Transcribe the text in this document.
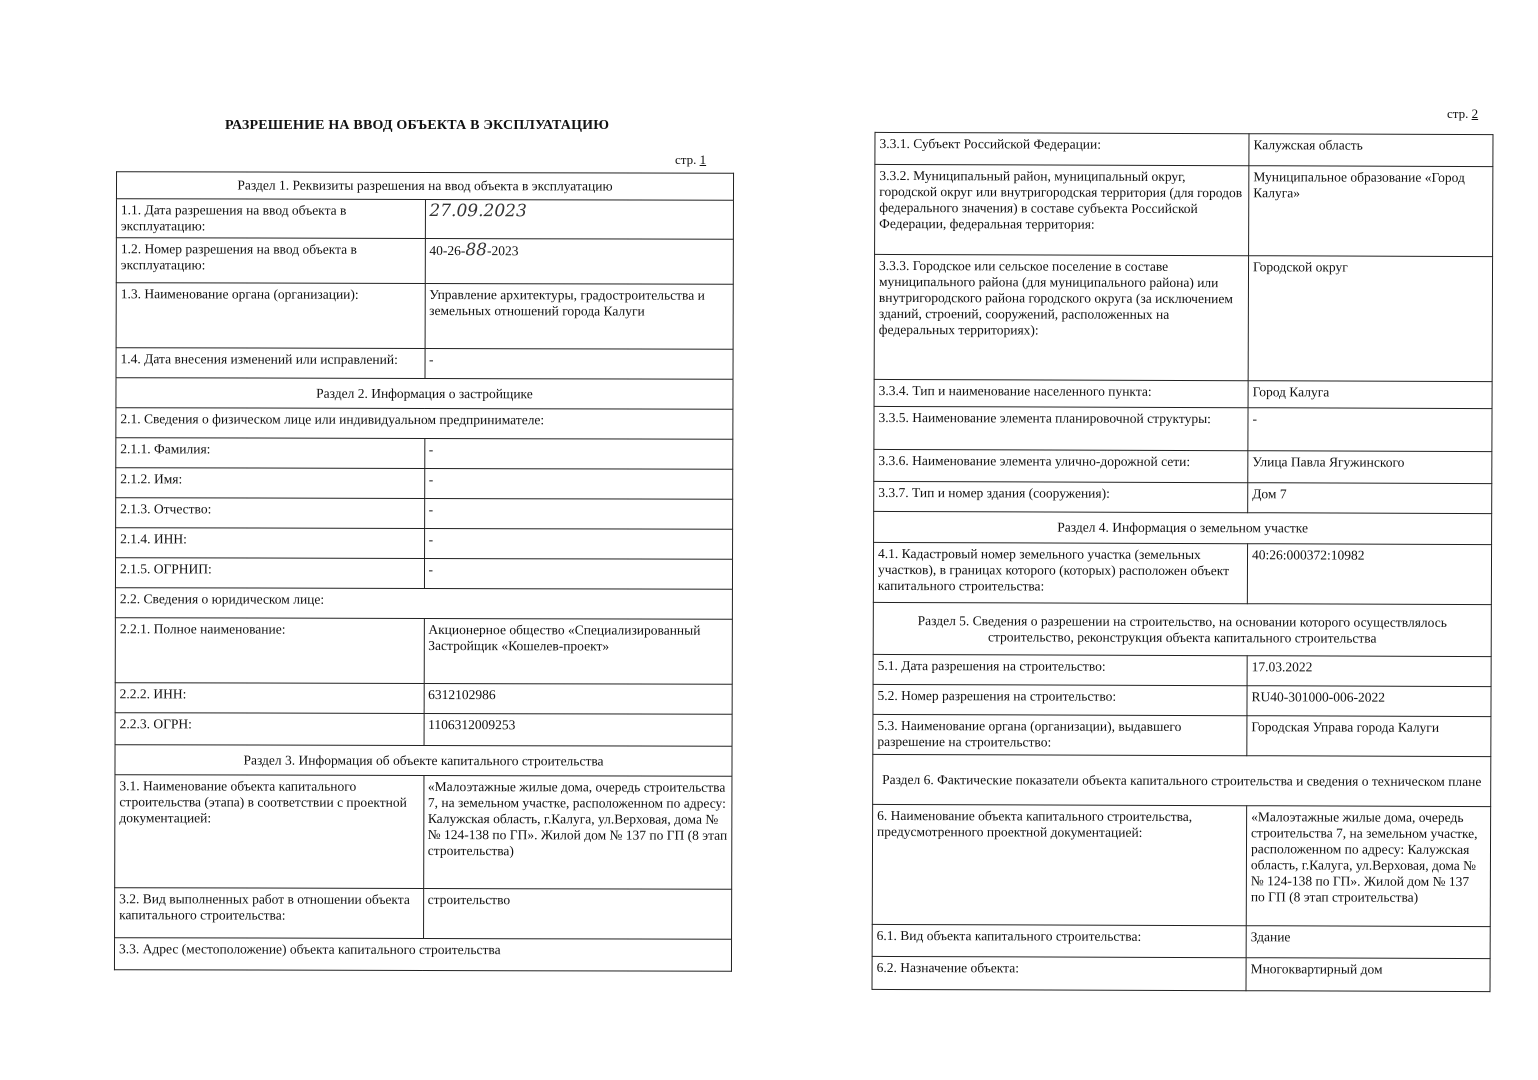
РАЗРЕШЕНИЕ НА ВВОД ОБЪЕКТА В ЭКСПЛУАТАЦИЮ
стр. 1
Раздел 1. Реквизиты разрешения на ввод объекта в эксплуатацию	
1.1. Дата разрешения на ввод объекта в эксплуатацию:	27.09.2023
1.2. Номер разрешения на ввод объекта в эксплуатацию:	40-26-88-2023
1.3. Наименование органа (организации):	Управление архитектуры, градостроительства и земельных отношений города Калуги
1.4. Дата внесения изменений или исправлений:	-
Раздел 2. Информация о застройщике	
2.1. Сведения о физическом лице или индивидуальном предпринимателе:	
2.1.1. Фамилия:	-
2.1.2. Имя:	-
2.1.3. Отчество:	-
2.1.4. ИНН:	-
2.1.5. ОГРНИП:	-
2.2. Сведения о юридическом лице:	
2.2.1. Полное наименование:	Акционерное общество «Специализированный Застройщик «Кошелев-проект»
2.2.2. ИНН:	6312102986
2.2.3. ОГРН:	1106312009253
Раздел 3. Информация об объекте капитального строительства	
3.1. Наименование объекта капитального строительства (этапа) в соответствии с проектной документацией:	«Малоэтажные жилые дома, очередь строительства 7, на земельном участке, расположенном по адресу: Калужская область, г.Калуга, ул.Верховая, дома №№ 124-138 по ГП». Жилой дом № 137 по ГП (8 этап строительства)
3.2. Вид выполненных работ в отношении объекта капитального строительства:	строительство
3.3. Адрес (местоположение) объекта капитального строительства	
стр. 2
3.3.1. Субъект Российской Федерации:	Калужская область
3.3.2. Муниципальный район, муниципальный округ, городской округ или внутригородская территория (для городов федерального значения) в составе субъекта Российской Федерации, федеральная территория:	Муниципальное образование «Город Калуга»
3.3.3. Городское или сельское поселение в составе муниципального района (для муниципального района) или внутригородского района городского округа (за исключением зданий, строений, сооружений, расположенных на федеральных территориях):	Городской округ
3.3.4. Тип и наименование населенного пункта:	Город Калуга
3.3.5. Наименование элемента планировочной структуры:	-
3.3.6. Наименование элемента улично-дорожной сети:	Улица Павла Ягужинского
3.3.7. Тип и номер здания (сооружения):	Дом 7
Раздел 4. Информация о земельном участке	
4.1. Кадастровый номер земельного участка (земельных участков), в границах которого (которых) расположен объект капитального строительства:	40:26:000372:10982
Раздел 5. Сведения о разрешении на строительство, на основании которого осуществлялось строительство, реконструкция объекта капитального строительства	
5.1. Дата разрешения на строительство:	17.03.2022
5.2. Номер разрешения на строительство:	RU40-301000-006-2022
5.3. Наименование органа (организации), выдавшего разрешение на строительство:	Городская Управа города Калуги
Раздел 6. Фактические показатели объекта капитального строительства и сведения о техническом плане	
6. Наименование объекта капитального строительства, предусмотренного проектной документацией:	«Малоэтажные жилые дома, очередь строительства 7, на земельном участке, расположенном по адресу: Калужская область, г.Калуга, ул.Верховая, дома №№ 124-138 по ГП». Жилой дом № 137 по ГП (8 этап строительства)
6.1. Вид объекта капитального строительства:	Здание
6.2. Назначение объекта:	Многоквартирный дом
